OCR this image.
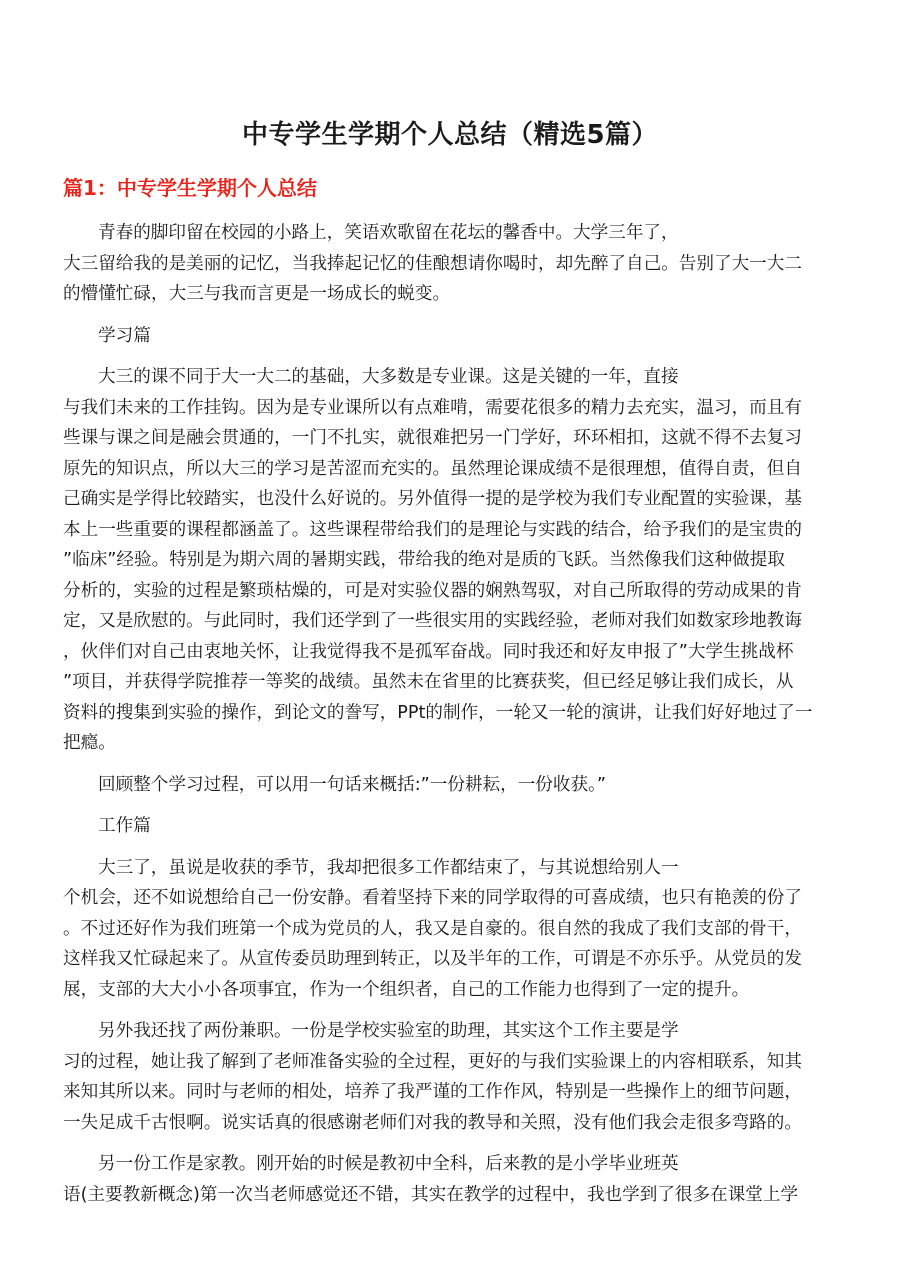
中专学生学期个人总结（精选5篇）
篇1：中专学生学期个人总结
青春的脚印留在校园的小路上，笑语欢歌留在花坛的馨香中。大学三年了，
大三留给我的是美丽的记忆，当我捧起记忆的佳酿想请你喝时，却先醉了自己。告别了大一大二
的懵懂忙碌，大三与我而言更是一场成长的蜕变。
学习篇
大三的课不同于大一大二的基础，大多数是专业课。这是关键的一年，直接
与我们未来的工作挂钩。因为是专业课所以有点难啃，需要花很多的精力去充实，温习，而且有
些课与课之间是融会贯通的，一门不扎实，就很难把另一门学好，环环相扣，这就不得不去复习
原先的知识点，所以大三的学习是苦涩而充实的。虽然理论课成绩不是很理想，值得自责，但自
己确实是学得比较踏实，也没什么好说的。另外值得一提的是学校为我们专业配置的实验课，基
本上一些重要的课程都涵盖了。这些课程带给我们的是理论与实践的结合，给予我们的是宝贵的
”临床”经验。特别是为期六周的暑期实践，带给我的绝对是质的飞跃。当然像我们这种做提取
分析的，实验的过程是繁琐枯燥的，可是对实验仪器的娴熟驾驭，对自己所取得的劳动成果的肯
定，又是欣慰的。与此同时，我们还学到了一些很实用的实践经验，老师对我们如数家珍地教诲
，伙伴们对自己由衷地关怀，让我觉得我不是孤军奋战。同时我还和好友申报了”大学生挑战杯
”项目，并获得学院推荐一等奖的战绩。虽然未在省里的比赛获奖，但已经足够让我们成长，从
资料的搜集到实验的操作，到论文的誊写，PPt的制作，一轮又一轮的演讲，让我们好好地过了一
把瘾。
回顾整个学习过程，可以用一句话来概括:”一份耕耘，一份收获。”
工作篇
大三了，虽说是收获的季节，我却把很多工作都结束了，与其说想给别人一
个机会，还不如说想给自己一份安静。看着坚持下来的同学取得的可喜成绩，也只有艳羡的份了
。不过还好作为我们班第一个成为党员的人，我又是自豪的。很自然的我成了我们支部的骨干，
这样我又忙碌起来了。从宣传委员助理到转正，以及半年的工作，可谓是不亦乐乎。从党员的发
展，支部的大大小小各项事宜，作为一个组织者，自己的工作能力也得到了一定的提升。
另外我还找了两份兼职。一份是学校实验室的助理，其实这个工作主要是学
习的过程，她让我了解到了老师准备实验的全过程，更好的与我们实验课上的内容相联系，知其
来知其所以来。同时与老师的相处，培养了我严谨的工作作风，特别是一些操作上的细节问题，
一失足成千古恨啊。说实话真的很感谢老师们对我的教导和关照，没有他们我会走很多弯路的。
另一份工作是家教。刚开始的时候是教初中全科，后来教的是小学毕业班英
语(主要教新概念)第一次当老师感觉还不错，其实在教学的过程中，我也学到了很多在课堂上学
